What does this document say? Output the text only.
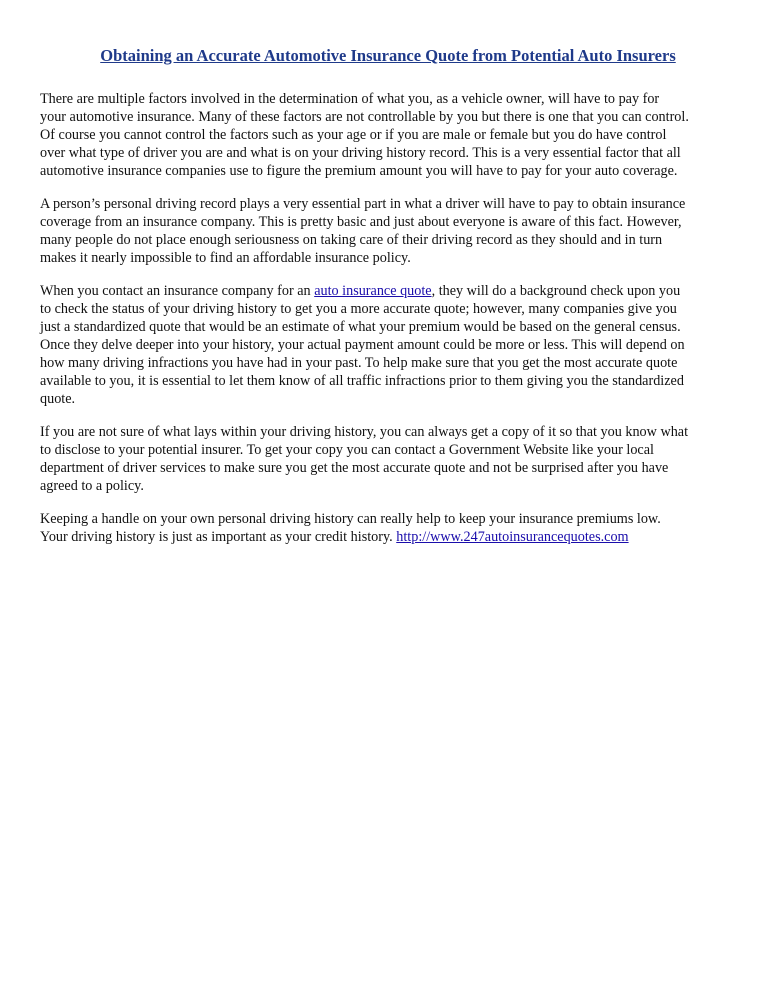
Obtaining an Accurate Automotive Insurance Quote from Potential Auto Insurers

There are multiple factors involved in the determination of what you, as a vehicle owner, will have to pay for
your automotive insurance. Many of these factors are not controllable by you but there is one that you can control.
Of course you cannot control the factors such as your age or if you are male or female but you do have control
over what type of driver you are and what is on your driving history record. This is a very essential factor that all
automotive insurance companies use to figure the premium amount you will have to pay for your auto coverage.

A person’s personal driving record plays a very essential part in what a driver will have to pay to obtain insurance
coverage from an insurance company. This is pretty basic and just about everyone is aware of this fact. However,
many people do not place enough seriousness on taking care of their driving record as they should and in turn
makes it nearly impossible to find an affordable insurance policy.

When you contact an insurance company for an auto insurance quote, they will do a background check upon you
to check the status of your driving history to get you a more accurate quote; however, many companies give you
just a standardized quote that would be an estimate of what your premium would be based on the general census.
Once they delve deeper into your history, your actual payment amount could be more or less. This will depend on
how many driving infractions you have had in your past. To help make sure that you get the most accurate quote
available to you, it is essential to let them know of all traffic infractions prior to them giving you the standardized
quote.

If you are not sure of what lays within your driving history, you can always get a copy of it so that you know what
to disclose to your potential insurer. To get your copy you can contact a Government Website like your local
department of driver services to make sure you get the most accurate quote and not be surprised after you have
agreed to a policy.

Keeping a handle on your own personal driving history can really help to keep your insurance premiums low.
Your driving history is just as important as your credit history. http://www.247autoinsurancequotes.com
